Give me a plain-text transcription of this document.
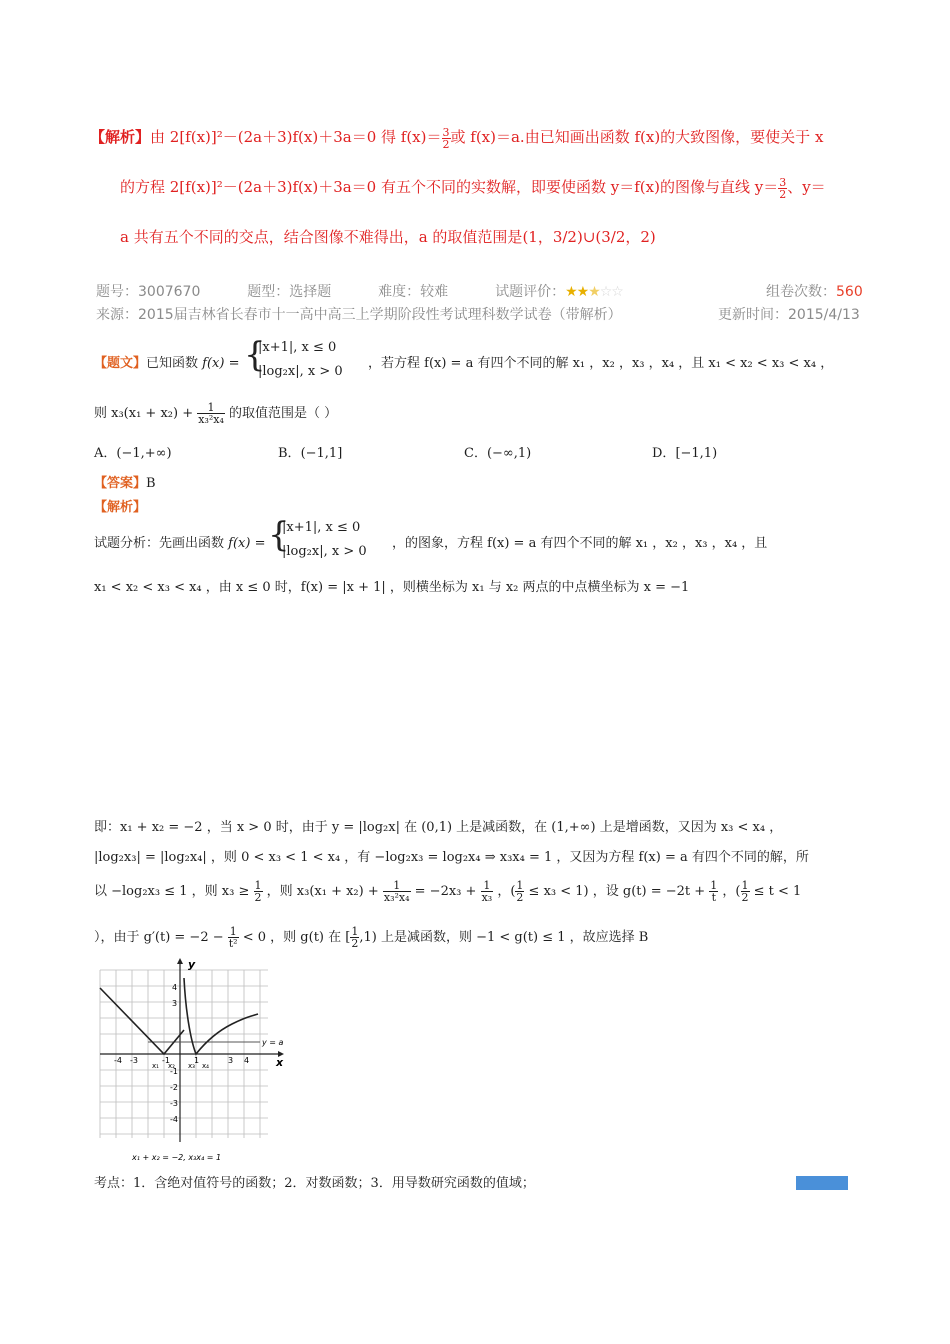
【解析】由 2[f(x)]²－(2a＋3)f(x)＋3a＝0 得 $f(x)= \frac{3}{2}$ 或 f(x)＝a.由已知画出函数 f(x)的大致图像，要使关于 x
的方程 2[f(x)]²－(2a＋3)f(x)＋3a＝0 有五个不同的实数解，即要使函数 y＝f(x)的图像与直线 $y= \frac{3}{2}$ 、y＝
a 共有五个不同的交点，结合图像不难得出，a 的取值范围是(1，3/2)∪(3/2，2)
题号：3007670	题型：选择题	难度：较难	试题评价：★★★☆☆	组卷次数：560
来源：2015届吉林省长春市十一高中高三上学期阶段性考试理科数学试卷（带解析）	更新时间：2015/4/13
【题文】已知函数 f(x) = {
|x+1|, x ≤ 0
|log₂x|, x > 0
，若方程 f(x) = a 有四个不同的解 x₁ ，x₂ ，x₃ ，x₄ ，且 x₁ < x₂ < x₃ < x₄ ，
则 $x_3(x_1 + x_2) + \frac{1}{\text{x₃²x₄}}$ 的取值范围是（ ）
A．(−1,+∞)	B．(−1,1]	C．(−∞,1)	D．[−1,1)
【答案】B
【解析】
试题分析：先画出函数 f(x) = {
|x+1|, x ≤ 0
|log₂x|, x > 0
，的图象，方程 f(x) = a 有四个不同的解 x₁ ，x₂ ，x₃ ，x₄ ，且
x₁ < x₂ < x₃ < x₄ ，由 x ≤ 0 时，f(x) = |x + 1| ，则横坐标为 x₁ 与 x₂ 两点的中点横坐标为 x = −1
即：x₁ + x₂ = −2 ，当 x > 0 时，由于 y = |log₂x| 在 (0,1) 上是减函数，在 (1,+∞) 上是增函数，又因为 x₃ < x₄ ，
|log₂x₃| = |log₂x₄| ，则 0 < x₃ < 1 < x₄ ，有 −log₂x₃ = log₂x₄ ⇒ x₃x₄ = 1 ，又因为方程 f(x) = a 有四个不同的解，所
以 −log₂x₃ ≤ 1 ，则 $x_3 \ge \frac{1}{2}$ ，则 $x_3(x_1 + x_2) + \frac{1}{\text{x₃²x₄}} = -2x_3 + \frac{1}{\text{x₃}}$ ，( $\frac{1}{2} \le x_3 < 1$) ，设 $g(t) = -2t + \frac{1}{t}$ ，( $\frac{1}{2} \le t < 1$
），由于 $g'(t) = -2 - \frac{1}{\text{t²}} < 0$ ，则 g(t) 在 [ $\frac{1}{2} ,1$) 上是减函数，则 −1 < g(t) ≤ 1 ，故应选择 B
y
x
y = a
-4 -3	-1	1	3 4
4
3
-1
-2
-3
-4
x₁ x₂ x₃ x₄
x₁ + x₂ = −2, x₃x₄ = 1
考点：1．含绝对值符号的函数；2．对数函数；3．用导数研究函数的值域；
